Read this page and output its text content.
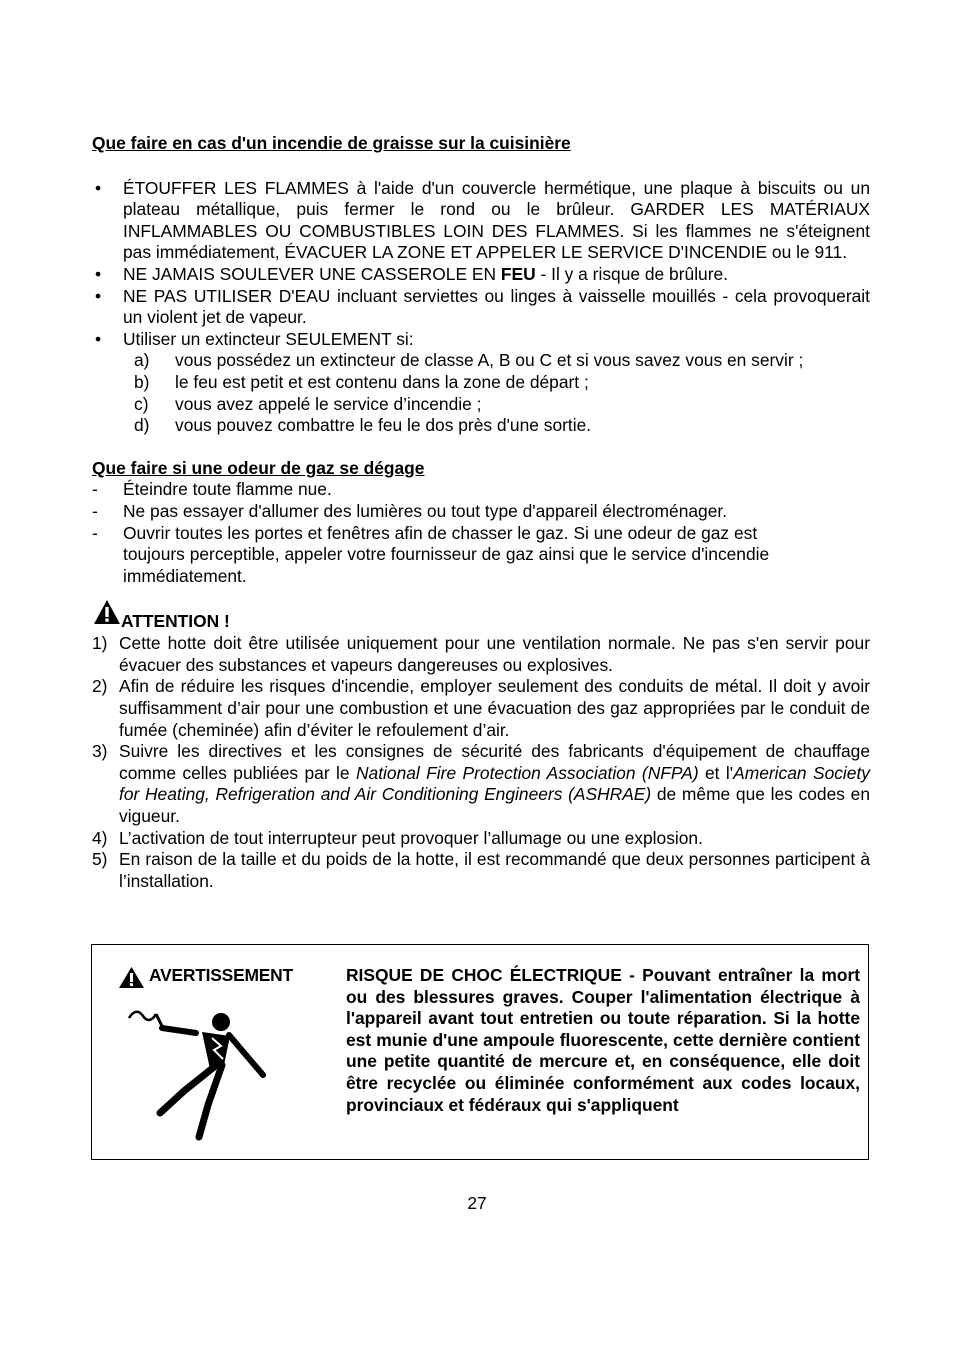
Que faire en cas d'un incendie de graisse sur la cuisinière
• ÉTOUFFER LES FLAMMES à l'aide d'un couvercle hermétique, une plaque à biscuits ou un plateau métallique, puis fermer le rond ou le brûleur. GARDER LES MATÉRIAUX INFLAMMABLES OU COMBUSTIBLES LOIN DES FLAMMES. Si les flammes ne s'éteignent pas immédiatement, ÉVACUER LA ZONE ET APPELER LE SERVICE D'INCENDIE ou le 911.
• NE JAMAIS SOULEVER UNE CASSEROLE EN FEU - Il y a risque de brûlure.
• NE PAS UTILISER D'EAU incluant serviettes ou linges à vaisselle mouillés - cela provoquerait un violent jet de vapeur.
• Utiliser un extincteur SEULEMENT si:
a) vous possédez un extincteur de classe A, B ou C et si vous savez vous en servir ;
b) le feu est petit et est contenu dans la zone de départ ;
c) vous avez appelé le service d’incendie ;
d) vous pouvez combattre le feu le dos près d'une sortie.
Que faire si une odeur de gaz se dégage
- Éteindre toute flamme nue.
- Ne pas essayer d'allumer des lumières ou tout type d'appareil électroménager.
- Ouvrir toutes les portes et fenêtres afin de chasser le gaz. Si une odeur de gaz est toujours perceptible, appeler votre fournisseur de gaz ainsi que le service d'incendie immédiatement.
ATTENTION !
1) Cette hotte doit être utilisée uniquement pour une ventilation normale. Ne pas s'en servir pour évacuer des substances et vapeurs dangereuses ou explosives.
2) Afin de réduire les risques d'incendie, employer seulement des conduits de métal. Il doit y avoir suffisamment d’air pour une combustion et une évacuation des gaz appropriées par le conduit de fumée (cheminée) afin d’éviter le refoulement d’air.
3) Suivre les directives et les consignes de sécurité des fabricants d'équipement de chauffage comme celles publiées par le National Fire Protection Association (NFPA) et l'American Society for Heating, Refrigeration and Air Conditioning Engineers (ASHRAE) de même que les codes en vigueur.
4) L’activation de tout interrupteur peut provoquer l’allumage ou une explosion.
5) En raison de la taille et du poids de la hotte, il est recommandé que deux personnes participent à l’installation.
AVERTISSEMENT	RISQUE DE CHOC ÉLECTRIQUE - Pouvant entraîner la mort ou des blessures graves. Couper l'alimentation électrique à l'appareil avant tout entretien ou toute réparation. Si la hotte est munie d'une ampoule fluorescente, cette dernière contient une petite quantité de mercure et, en conséquence, elle doit être recyclée ou éliminée conformément aux codes locaux, provinciaux et fédéraux qui s'appliquent
27
